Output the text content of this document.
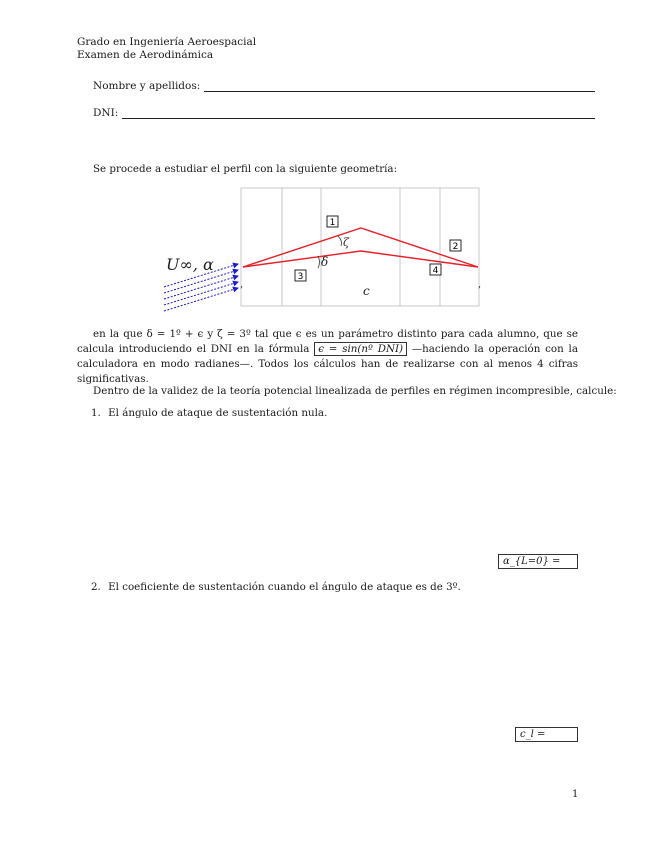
Grado en Ingeniería Aeroespacial
Examen de Aerodinámica
Nombre y apellidos:
DNI:
Se procede a estudiar el perfil con la siguiente geometría:
,	,
ζ
δ
1
2
3
4
c
U∞, α
en la que δ = 1º + ϵ y ζ = 3º tal que ϵ es un parámetro distinto para cada alumno, que se calcula introduciendo el DNI en la fórmula ϵ = sin(nº DNI) —haciendo la operación con la calculadora en modo radianes—. Todos los cálculos han de realizarse con al menos 4 cifras significativas.
Dentro de la validez de la teoría potencial linealizada de perfiles en régimen incompresible, calcule:
1. El ángulo de ataque de sustentación nula.
α_{L=0} =
2. El coeficiente de sustentación cuando el ángulo de ataque es de 3º.
c_l =
1
